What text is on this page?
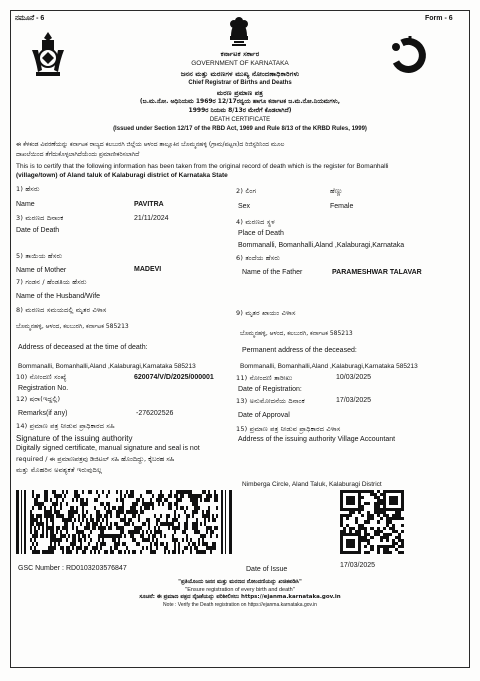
ನಮೂನೆ - 6	Form - 6
ಕರ್ನಾಟಕ ಸರ್ಕಾರ
GOVERNMENT OF KARNATAKA
ಜನನ ಮತ್ತು ಮರಣಗಳ ಮುಖ್ಯ ನೋಂದಣಾಧಿಕಾರಿಗಳು
Chief Registrar of Births and Deaths
ಮರಣ ಪ್ರಮಾಣ ಪತ್ರ
(ಜ.ಮ.ನೋ. ಅಧಿನಿಯಮ 1969ರ 12/17ರನ್ವಯ ಹಾಗೂ ಕರ್ನಾಟಕ ಜ.ಮ.ನೋ.ನಿಯಮಗಳು,
1999ರ ನಿಯಮ 8/13ರ ಮೇರೆಗೆ ಕೊಡಲಾಗಿದೆ)
DEATH CERTIFICATE
(Issued under Section 12/17 of the RBD Act, 1969 and Rule 8/13 of the KRBD Rules, 1999)
ಈ ಕೆಳಕಂಡ ವಿವರಣೆಯನ್ನು ಕರ್ನಾಟಕ ರಾಜ್ಯದ ಕಲಬುರಗಿ ಜಿಲ್ಲೆಯ ಆಳಂದ ತಾಲ್ಲೂಕಿನ ಬೊಮ್ಮನಹಳ್ಳಿ (ಗ್ರಾಮ/ಪಟ್ಟಣ)ದ ರಿಜಿಸ್ಟರಿನಿಂದ ಮೂಲ
ದಾಖಲೆಯಿಂದ ತೆಗೆದುಕೊಳ್ಳಲಾಗಿದೆಯೆಂದು ಪ್ರಮಾಣೀಕರಿಸಲಾಗಿದೆ
This is to certify that the following information has been taken from the original record of death which is the register for Bomanhalli
(village/town) of Aland taluk of Kalaburagi district of Karnataka State
1) ಹೆಸರು	2) ಲಿಂಗ	ಹೆಣ್ಣು
Name	PAVITRA	Sex	Female
3) ಮರಣದ ದಿನಾಂಕ	21/11/2024	4) ಮರಣದ ಸ್ಥಳ
Date of Death	Place of Death
Bommanalli, Bomanhalli,Aland ,Kalaburagi,Karnataka
5) ತಾಯಿಯ ಹೆಸರು	6) ತಂದೆಯ ಹೆಸರು
Name of Mother	MADEVI	Name of the Father	PARAMESHWAR TALAVAR
7) ಗಂಡನ / ಹೆಂಡತಿಯ ಹೆಸರು
Name of the Husband/Wife
8) ಮರಣದ ಸಮಯದಲ್ಲಿ ಮೃತರ ವಿಳಾಸ	9) ಮೃತರ ಖಾಯಂ ವಿಳಾಸ
ಬೊಮ್ಮನಹಳ್ಳಿ, ಆಳಂದ, ಕಲಬುರಗಿ, ಕರ್ನಾಟಕ 585213
ಬೊಮ್ಮನಹಳ್ಳಿ, ಆಳಂದ, ಕಲಬುರಗಿ, ಕರ್ನಾಟಕ 585213
Address of deceased at the time of death:	Permanent address of the deceased:
Bommanalli, Bomanhalli,Aland ,Kalaburagi,Karnataka 585213	Bommanalli, Bomanhalli,Aland ,Kalaburagi,Karnataka 585213
10) ನೋಂದಣಿ ಸಂಖ್ಯೆ	620074/V/D/2025/000001	11) ನೋಂದಣಿ ತಾರೀಖು	10/03/2025
Registration No.	Date of Registration:
12) ಷರಾ(ಇದ್ದಲ್ಲಿ)	13) ಅನುಮೋದನೆಯ ದಿನಾಂಕ	17/03/2025
Remarks(if any)	-276202526	Date of Approval
14) ಪ್ರಮಾಣ ಪತ್ರ ನೀಡುವ ಪ್ರಾಧಿಕಾರದ ಸಹಿ	15) ಪ್ರಮಾಣ ಪತ್ರ ನೀಡುವ ಪ್ರಾಧಿಕಾರದ ವಿಳಾಸ
Signature of the issuing authority	Address of the issuing authority Village Accountant
Digitally signed certificate, manual signature and seal is not
required / ಈ ಪ್ರಮಾಣಪತ್ರವು ಡಿಜಿಟಲ್ ಸಹಿ ಹೊಂದಿದ್ದು, ಕೈಬರಹ ಸಹಿ
ಮತ್ತು ಮೊಹರಿನ ಅವಶ್ಯಕತೆ ಇರುವುದಿಲ್ಲ
Nimberga Circle, Aland Taluk, Kalaburagi District
GSC Number : RD0103203576847	Date of Issue
17/03/2025
"ಪ್ರತಿಯೊಂದು ಜನನ ಮತ್ತು ಮರಣದ ನೋಂದಣಿಯನ್ನು ಖಚಿತಪಡಿಸಿ"
"Ensure registration of every birth and death"
ಸೂಚನೆ: ಈ ಪ್ರಮಾಣ ಪತ್ರದ ನೈಜತೆಯನ್ನು ಪರಿಶೀಲಿಸಲು https://ejanma.karnataka.gov.in
Note : Verify the Death registration on https://ejanma.karnataka.gov.in
